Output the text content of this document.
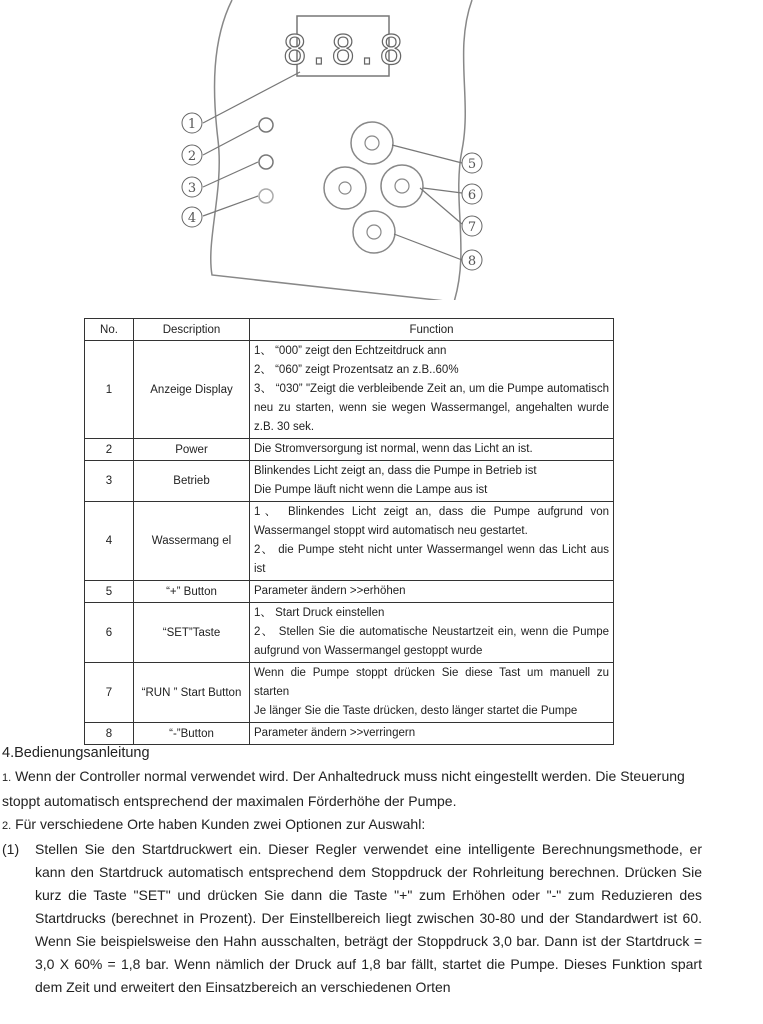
8.8.8
1
2
3
4
5
6
7
8
No.	Description	Function
1	Anzeige Display	1、 “000” zeigt den Echtzeitdruck ann
2、 “060” zeigt Prozentsatz an z.B..60%
3、 “030” "Zeigt die verbleibende Zeit an, um die Pumpe automatisch neu zu starten, wenn sie wegen Wassermangel, angehalten wurde z.B. 30 sek.

2	Power	Die Stromversorgung ist normal, wenn das Licht an ist.

3	Betrieb	Blinkendes Licht zeigt an, dass die Pumpe in Betrieb ist
Die Pumpe läuft nicht wenn die Lampe aus ist

4	Wassermang el	1、 Blinkendes Licht zeigt an, dass die Pumpe aufgrund von Wassermangel stoppt wird automatisch neu gestartet.
2、 die Pumpe steht nicht unter Wassermangel wenn das Licht aus ist

5	“+” Button	Parameter ändern >>erhöhen

6	“SET”Taste	1、 Start Druck einstellen
2、 Stellen Sie die automatische Neustartzeit ein, wenn die Pumpe aufgrund von Wassermangel gestoppt wurde

7	“RUN ” Start Button	Wenn die Pumpe stoppt drücken Sie diese Tast um manuell zu starten
Je länger Sie die Taste drücken, desto länger startet die Pumpe

8	“-”Button	Parameter ändern >>verringern
4.Bedienungsanleitung

1. Wenn der Controller normal verwendet wird. Der Anhaltedruck muss nicht eingestellt werden. Die Steuerung stoppt automatisch entsprechend der maximalen Förderhöhe der Pumpe.

2. Für verschiedene Orte haben Kunden zwei Optionen zur Auswahl:

(1)	Stellen Sie den Startdruckwert ein. Dieser Regler verwendet eine intelligente Berechnungsmethode, er kann den Startdruck automatisch entsprechend dem Stoppdruck der Rohrleitung berechnen. Drücken Sie kurz die Taste "SET" und drücken Sie dann die Taste "+" zum Erhöhen oder "-" zum Reduzieren des Startdrucks (berechnet in Prozent). Der Einstellbereich liegt zwischen 30-80 und der Standardwert ist 60. Wenn Sie beispielsweise den Hahn ausschalten, beträgt der Stoppdruck 3,0 bar. Dann ist der Startdruck = 3,0 X 60% = 1,8 bar. Wenn nämlich der Druck auf 1,8 bar fällt, startet die Pumpe. Dieses Funktion spart dem Zeit und erweitert den Einsatzbereich an verschiedenen Orten
